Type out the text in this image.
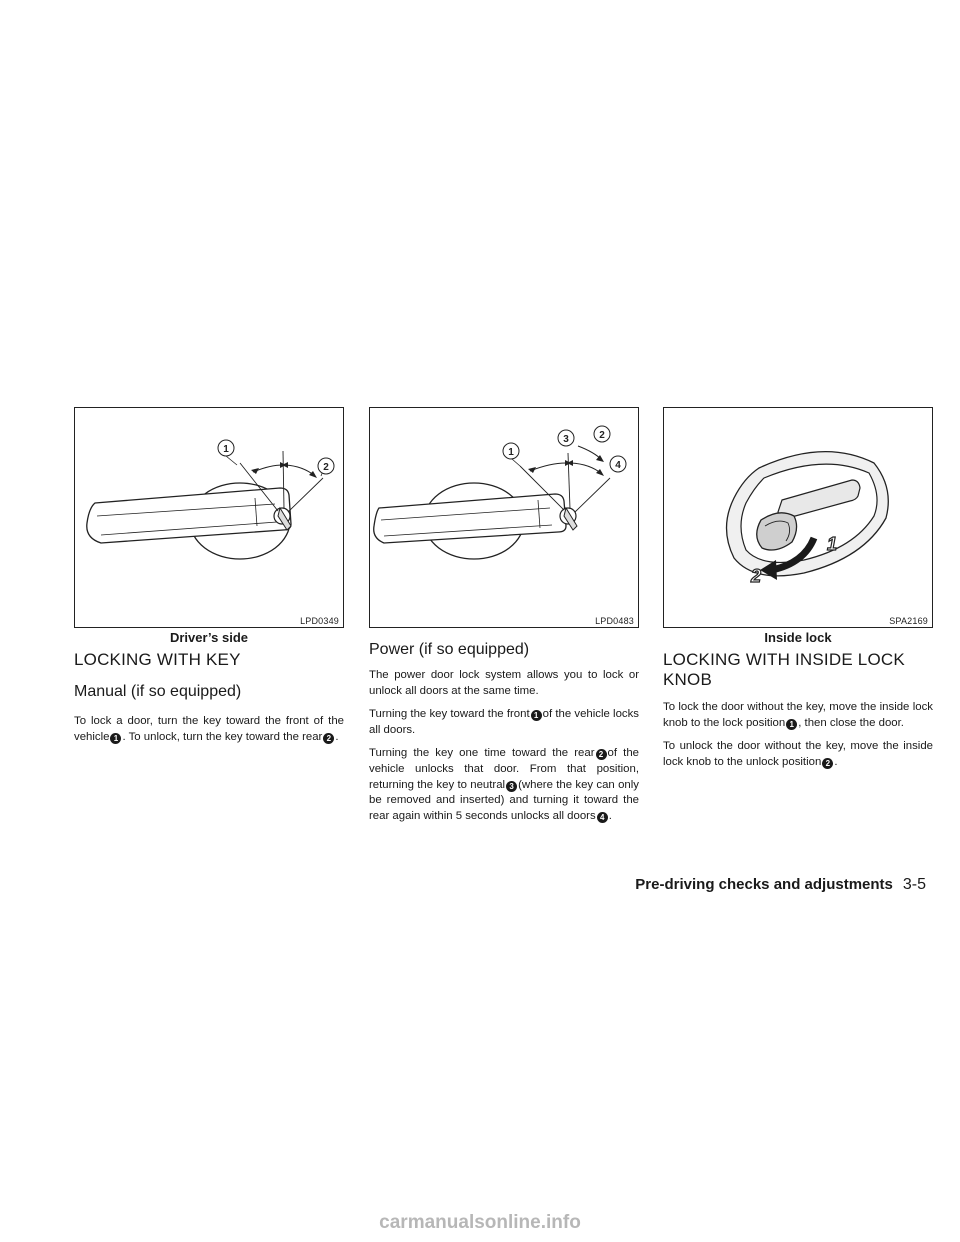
1
2
LPD0349
Driver’s side
1
3	2
4
LPD0483
1
2
SPA2169
Inside lock
LOCKING WITH KEY
Manual (if so equipped)

To lock a door, turn the key toward the front of the vehicle 1 . To unlock, turn the key toward the rear 2 .

Power (if so equipped)

The power door lock system allows you to lock or unlock all doors at the same time.

Turning the key toward the front 1 of the vehicle locks all doors.

Turning the key one time toward the rear 2 of the vehicle unlocks that door. From that position, returning the key to neutral 3 (where the key can only be removed and inserted) and turning it toward the rear again within 5 seconds unlocks all doors 4 .

LOCKING WITH INSIDE LOCK KNOB

To lock the door without the key, move the inside lock knob to the lock position 1 , then close the door.

To unlock the door without the key, move the inside lock knob to the unlock position 2 .

Pre-driving checks and adjustments 3-5
carmanualsonline.info
